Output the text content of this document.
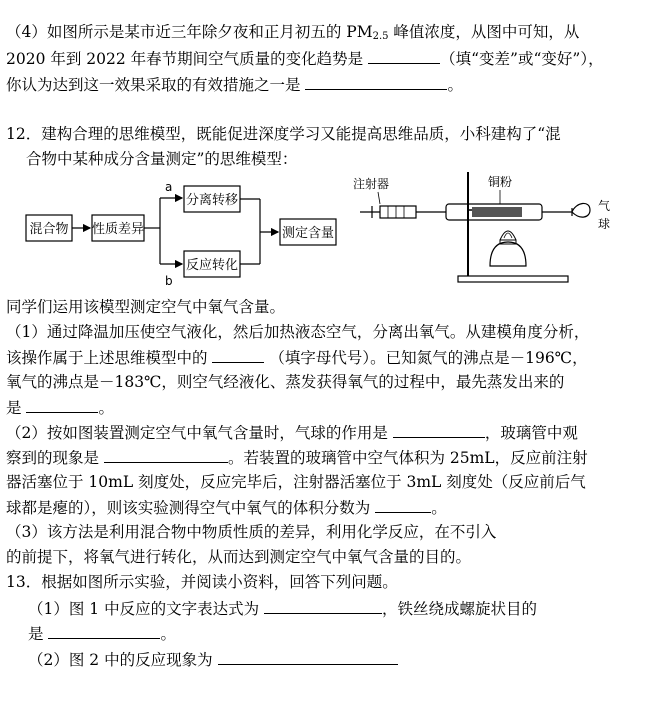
（4）如图所示是某市近三年除夕夜和正月初五的 $PM_{2.5}$ 峰值浓度，从图中可知，从
2020 年到 2022 年春节期间空气质量的变化趋势是	（填“变差”或“变好”），
你认为达到这一效果采取的有效措施之一是	。
12．建构合理的思维模型，既能促进深度学习又能提高思维品质，小科建构了“混
合物中某种成分含量测定”的思维模型：
混合物 性质差异
a
b
分离转移
反应转化
测定含量
注射器	铜粉
气
球
同学们运用该模型测定空气中氧气含量。
（1）通过降温加压使空气液化，然后加热液态空气，分离出氧气。从建模角度分析，
该操作属于上述思维模型中的	（填字母代号）。已知氮气的沸点是－196℃，
氧气的沸点是－183℃，则空气经液化、蒸发获得氧气的过程中，最先蒸发出来的
是	。
（2）按如图装置测定空气中氧气含量时，气球的作用是	，玻璃管中观
察到的现象是	。若装置的玻璃管中空气体积为 25mL，反应前注射
器活塞位于 10mL 刻度处，反应完毕后，注射器活塞位于 3mL 刻度处（反应前后气
球都是瘪的），则该实验测得空气中氧气的体积分数为	。
（3）该方法是利用混合物中物质性质的差异，利用化学反应，在不引入
的前提下，将氧气进行转化，从而达到测定空气中氧气含量的目的。
13．根据如图所示实验，并阅读小资料，回答下列问题。
（1）图 1 中反应的文字表达式为	，铁丝绕成螺旋状目的
是	。
（2）图 2 中的反应现象为
